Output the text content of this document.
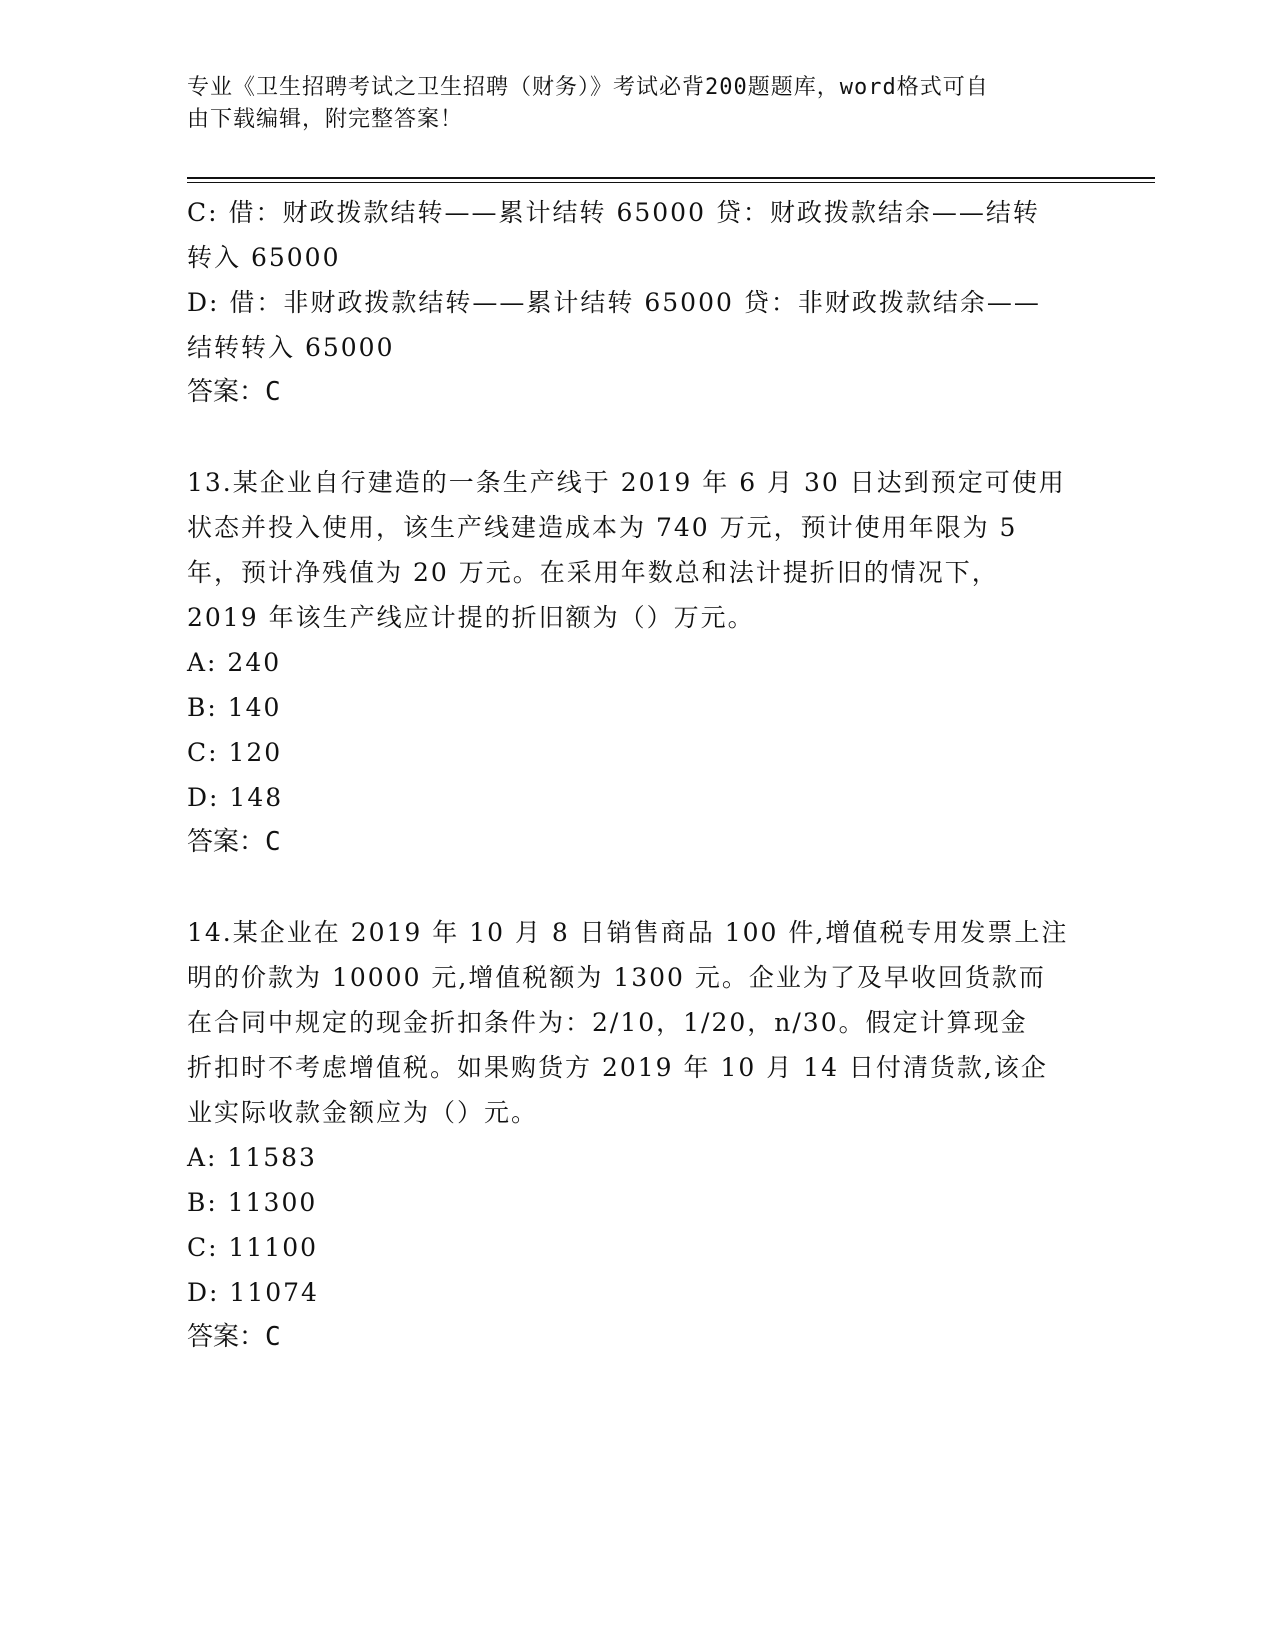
专业《卫生招聘考试之卫生招聘（财务）》考试必背200题题库，word格式可自
由下载编辑，附完整答案！

C: 借：财政拨款结转——累计结转 65000 贷：财政拨款结余——结转

转入 65000

D: 借：非财政拨款结转——累计结转 65000 贷：非财政拨款结余——

结转转入 65000

答案：C

13.某企业自行建造的一条生产线于 2019 年 6 月 30 日达到预定可使用

状态并投入使用，该生产线建造成本为 740 万元，预计使用年限为 5

年，预计净残值为 20 万元。在采用年数总和法计提折旧的情况下，

2019 年该生产线应计提的折旧额为（）万元。

A: 240

B: 140

C: 120

D: 148

答案：C

14.某企业在 2019 年 10 月 8 日销售商品 100 件,增值税专用发票上注

明的价款为 10000 元,增值税额为 1300 元。企业为了及早收回货款而

在合同中规定的现金折扣条件为：2/10，1/20，n/30。假定计算现金

折扣时不考虑增值税。如果购货方 2019 年 10 月 14 日付清货款,该企

业实际收款金额应为（）元。

A: 11583

B: 11300

C: 11100

D: 11074

答案：C
